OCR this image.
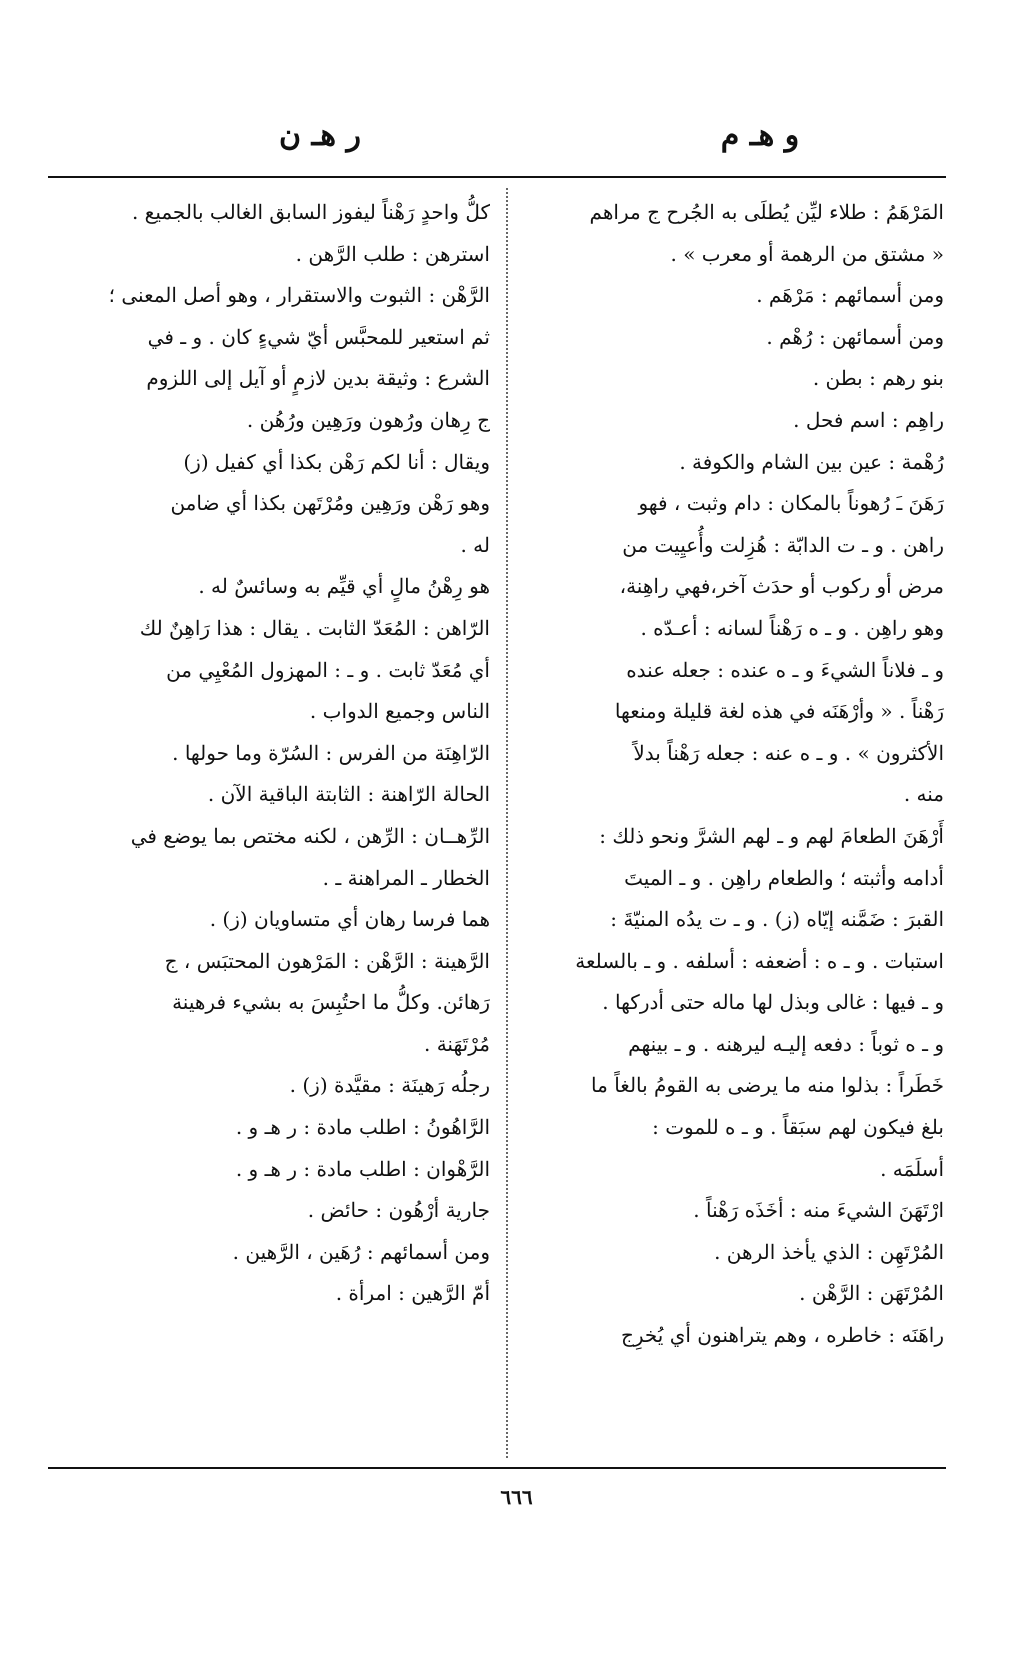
و هـ م
ر هـ ن
المَرْهَمُ : طلاء ليِّن يُطلَى به الجُرح ج مراهم
« مشتق من الرهمة أو معرب » .
ومن أسمائهم : مَرْهَم .
ومن أسمائهن : رُهْم .
بنو رهم : بطن .
راهِم : اسم فحل .
رُهْمة : عين بين الشام والكوفة .
رَهَنَ ـَ رُهوناً بالمكان : دام وثبت ، فهو
راهن . و ـ ت الدابّة : هُزِلت وأُعيِيت من
مرض أو ركوب أو حدَث آخر،فهي راهِنة،
وهو راهِن . و ـ ه رَهْناً لسانه : أعـدّه .
و ـ فلاناً الشيءَ و ـ ه عنده : جعله عنده
رَهْناً . « وأرْهَنَه في هذه لغة قليلة ومنعها
الأكثرون » . و ـ ه عنه : جعله رَهْناً بدلاً
منه .
أَرْهَنَ الطعامَ لهم و ـ لهم الشرَّ ونحو ذلك :
أدامه وأثبته ؛ والطعام راهِن . و ـ الميتَ
القبرَ : ضَمَّنه إيّاه (ز) . و ـ ت يدُه المنيّةَ :
استبات . و ـ ه : أضعفه : أسلفه . و ـ بالسلعة
و ـ فيها : غالى وبذل لها ماله حتى أدركها .
و ـ ه ثوباً : دفعه إليـه ليرهنه . و ـ بينهم
خَطَراً : بذلوا منه ما يرضى به القومُ بالغاً ما
بلغ فيكون لهم سبَقاً . و ـ ه للموت :
أسلَمَه .
ارْتَهَنَ الشيءَ منه : أخَذَه رَهْناً .
المُرْتَهِن : الذي يأخذ الرهن .
المُرْتَهَن : الرَّهْن .
راهَنَه : خاطره ، وهم يتراهنون أي يُخرِج
كلُّ واحدٍ رَهْناً ليفوز السابق الغالب بالجميع .
استرهن : طلب الرَّهن .
الرَّهْن : الثبوت والاستقرار ، وهو أصل المعنى ؛
ثم استعير للمحبَّس أيّ شيءٍ كان . و ـ في
الشرع : وثيقة بدين لازمٍ أو آيل إلى اللزوم
ج رِهان ورُهون ورَهِين ورُهُن .
ويقال : أنا لكم رَهْن بكذا أي كفيل (ز)
وهو رَهْن ورَهِين ومُرْتَهن بكذا أي ضامن
له .
هو رِهْنُ مالٍ أي قيِّم به وسائسٌ له .
الرّاهن : المُعَدّ الثابت . يقال : هذا رَاهِنٌ لك
أي مُعَدّ ثابت . و ـ : المهزول المُعْيِي من
الناس وجميع الدواب .
الرّاهِنَة من الفرس : السُرّة وما حولها .
الحالة الرّاهنة : الثابتة الباقية الآن .
الرِّهــان : الرِّهن ، لكنه مختص بما يوضع في
الخطار ـ المراهنة ـ .
هما فرسا رهان أي متساويان (ز) .
الرَّهينة : الرَّهْن : المَرْهون المحتبَس ، ج
رَهائن. وكلُّ ما احتُبِسَ به بشيء فرهينة
مُرْتَهَنة .
رجلُه رَهينَة : مقيَّدة (ز) .
الرَّاهُونُ : اطلب مادة : ر هـ و .
الرَّهْوان : اطلب مادة : ر هـ و .
جارية أرْهُون : حائض .
ومن أسمائهم : رُهَين ، الرَّهين .
أمّ الرَّهين : امرأة .
٦٦٦
